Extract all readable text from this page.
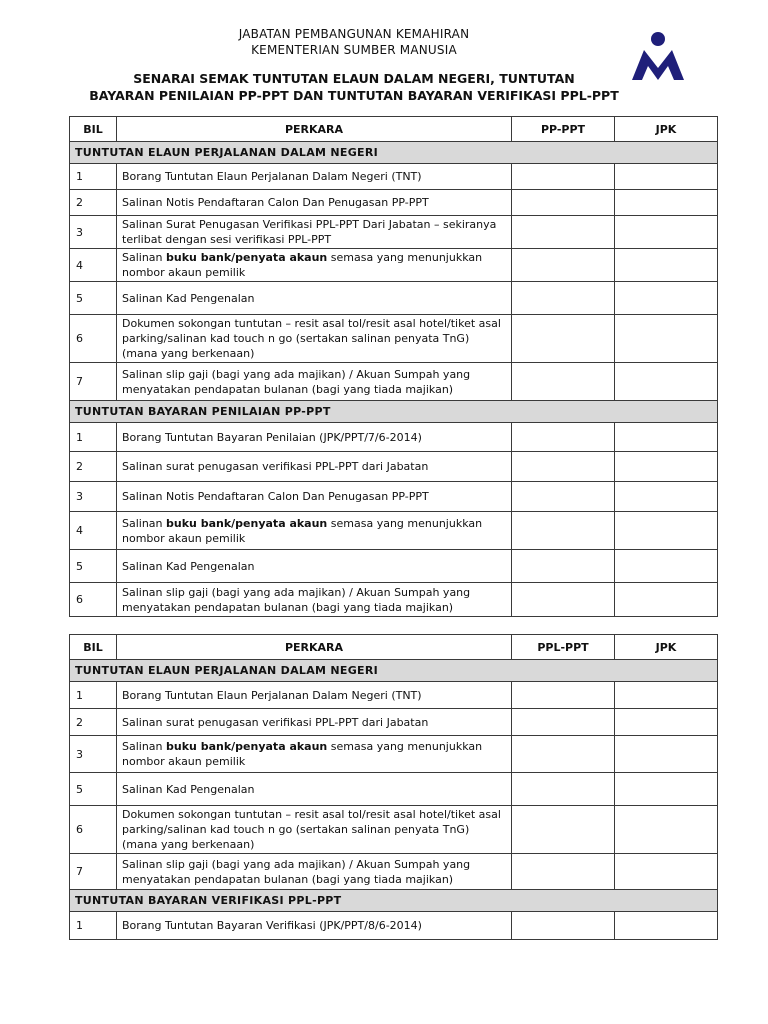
JABATAN PEMBANGUNAN KEMAHIRAN
KEMENTERIAN SUMBER MANUSIA
SENARAI SEMAK TUNTUTAN ELAUN DALAM NEGERI, TUNTUTAN
BAYARAN PENILAIAN PP-PPT DAN TUNTUTAN BAYARAN VERIFIKASI PPL-PPT
BIL	PERKARA	PP-PPT	JPK
TUNTUTAN ELAUN PERJALANAN DALAM NEGERI			
1	Borang Tuntutan Elaun Perjalanan Dalam Negeri (TNT)		
2	Salinan Notis Pendaftaran Calon Dan Penugasan PP-PPT		
3	Salinan Surat Penugasan Verifikasi PPL-PPT Dari Jabatan – sekiranya terlibat dengan sesi verifikasi PPL-PPT		
4	Salinan buku bank/penyata akaun semasa yang menunjukkan nombor akaun pemilik		
5	Salinan Kad Pengenalan		
6	Dokumen sokongan tuntutan – resit asal tol/resit asal hotel/tiket asal parking/salinan kad touch n go (sertakan salinan penyata TnG) (mana yang berkenaan)		
7	Salinan slip gaji (bagi yang ada majikan) / Akuan Sumpah yang menyatakan pendapatan bulanan (bagi yang tiada majikan)		
TUNTUTAN BAYARAN PENILAIAN PP-PPT			
1	Borang Tuntutan Bayaran Penilaian (JPK/PPT/7/6-2014)		
2	Salinan surat penugasan verifikasi PPL-PPT dari Jabatan		
3	Salinan Notis Pendaftaran Calon Dan Penugasan PP-PPT		
4	Salinan buku bank/penyata akaun semasa yang menunjukkan nombor akaun pemilik		
5	Salinan Kad Pengenalan		
6	Salinan slip gaji (bagi yang ada majikan) / Akuan Sumpah yang menyatakan pendapatan bulanan (bagi yang tiada majikan)		
BIL	PERKARA	PPL-PPT	JPK
TUNTUTAN ELAUN PERJALANAN DALAM NEGERI			
1	Borang Tuntutan Elaun Perjalanan Dalam Negeri (TNT)		
2	Salinan surat penugasan verifikasi PPL-PPT dari Jabatan		
3	Salinan buku bank/penyata akaun semasa yang menunjukkan nombor akaun pemilik		
5	Salinan Kad Pengenalan		
6	Dokumen sokongan tuntutan – resit asal tol/resit asal hotel/tiket asal parking/salinan kad touch n go (sertakan salinan penyata TnG) (mana yang berkenaan)		
7	Salinan slip gaji (bagi yang ada majikan) / Akuan Sumpah yang menyatakan pendapatan bulanan (bagi yang tiada majikan)		
TUNTUTAN BAYARAN VERIFIKASI PPL-PPT			
1	Borang Tuntutan Bayaran Verifikasi (JPK/PPT/8/6-2014)		
